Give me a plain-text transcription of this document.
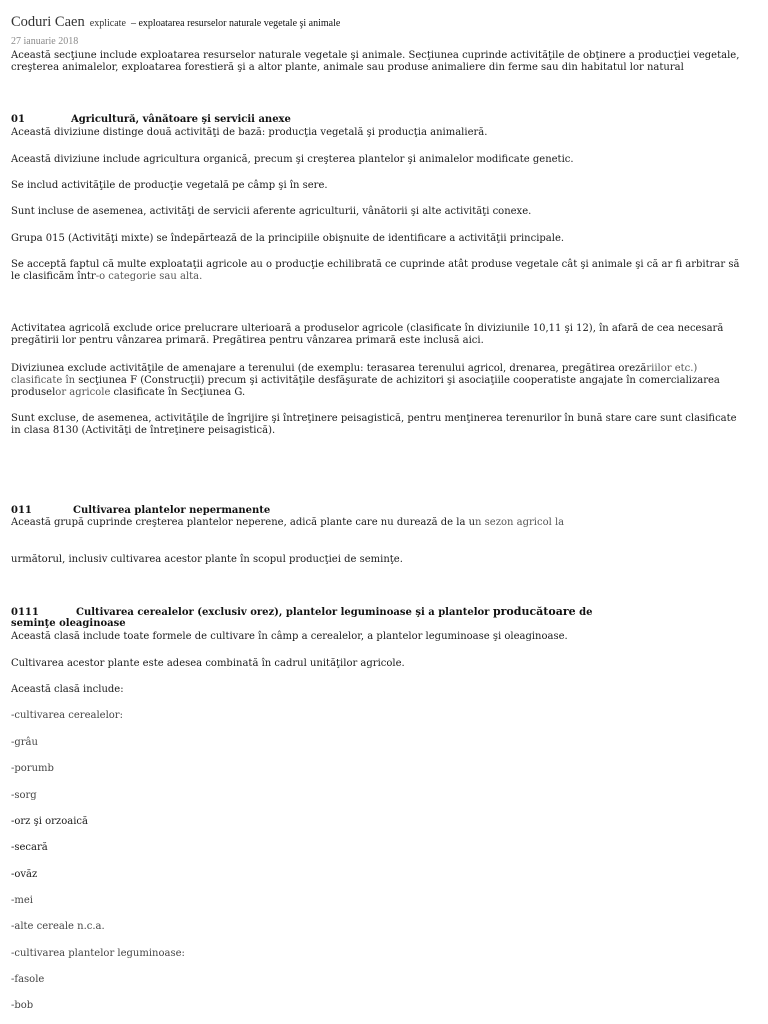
Coduri Caen explicate – exploatarea resurselor naturale vegetale şi animale
27 ianuarie 2018
Această secţiune include exploatarea resurselor naturale vegetale şi animale. Secţiunea cuprinde activităţile de obţinere a producţiei vegetale, creşterea animalelor, exploatarea forestieră şi a altor plante, animale sau produse animaliere din ferme sau din habitatul lor natural
01	Agricultură, vânătoare şi servicii anexe
Această diviziune distinge două activităţi de bază: producţia vegetală şi producţia animalieră.
Această diviziune include agricultura organică, precum şi creşterea plantelor şi animalelor modificate genetic.
Se includ activităţile de producţie vegetală pe câmp şi în sere.
Sunt incluse de asemenea, activităţi de servicii aferente agriculturii, vânătorii şi alte activităţi conexe.
Grupa 015 (Activităţi mixte) se îndepărtează de la principiile obişnuite de identificare a activităţii principale.
Se acceptă faptul că multe exploataţii agricole au o producţie echilibrată ce cuprinde atât produse vegetale cât şi animale şi că ar fi arbitrar să le clasificăm într-o categorie sau alta.
Activitatea agricolă exclude orice prelucrare ulterioară a produselor agricole (clasificate în diviziunile 10,11 şi 12), în afară de cea necesară pregătirii lor pentru vânzarea primară. Pregătirea pentru vânzarea primară este inclusă aici.
Diviziunea exclude activităţile de amenajare a terenului (de exemplu: terasarea terenului agricol, drenarea, pregătirea orezăriilor etc.) clasificate în secţiunea F (Construcţii) precum şi activităţile desfăşurate de achizitori şi asociaţiile cooperatiste angajate în comercializarea produselor agricole clasificate în Secţiunea G.
Sunt excluse, de asemenea, activităţile de îngrijire şi întreţinere peisagistică, pentru menţinerea terenurilor în bună stare care sunt clasificate in clasa 8130 (Activităţi de întreţinere peisagistică).
011	Cultivarea plantelor nepermanente
Această grupă cuprinde creşterea plantelor neperene, adică plante care nu durează de la un sezon agricol la
următorul, inclusiv cultivarea acestor plante în scopul producţiei de seminţe.
0111	Cultivarea cerealelor (exclusiv orez), plantelor leguminoase şi a plantelor producătoare de
seminţe oleaginoase
Această clasă include toate formele de cultivare în câmp a cerealelor, a plantelor leguminoase şi oleaginoase.
Cultivarea acestor plante este adesea combinată în cadrul unităţilor agricole.
Această clasă include:
-cultivarea cerealelor:
-grâu
-porumb
-sorg
-orz şi orzoaică
-secară
-ovăz
-mei
-alte cereale n.c.a.
-cultivarea plantelor leguminoase:
-fasole
-bob
